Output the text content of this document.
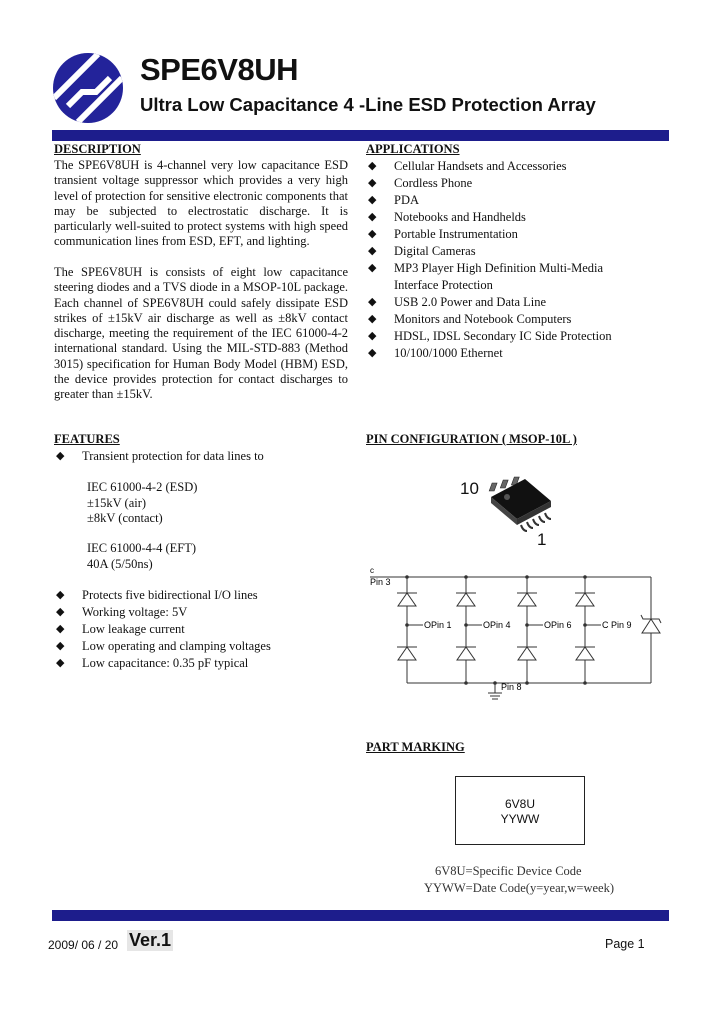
SPE6V8UH
Ultra Low Capacitance 4 -Line ESD Protection Array
DESCRIPTION
The SPE6V8UH is 4-channel very low capacitance ESD transient voltage suppressor which provides a very high level of protection for sensitive electronic components that may be subjected to electrostatic discharge. It is particularly well-suited to protect systems with high speed communication lines from ESD, EFT, and lighting.
The SPE6V8UH is consists of eight low capacitance steering diodes and a TVS diode in a MSOP-10L package. Each channel of SPE6V8UH could safely dissipate ESD strikes of ±15kV air discharge as well as ±8kV contact discharge, meeting the requirement of the IEC 61000-4-2 international standard. Using the MIL-STD-883 (Method 3015) specification for Human Body Model (HBM) ESD, the device provides protection for contact discharges to greater than ±15kV.
APPLICATIONS
◆ Cellular Handsets and Accessories
◆ Cordless Phone
◆ PDA
◆ Notebooks and Handhelds
◆ Portable Instrumentation
◆ Digital Cameras
◆ MP3 Player High Definition Multi-Media Interface Protection
◆ USB 2.0 Power and Data Line
◆ Monitors and Notebook Computers
◆ HDSL, IDSL Secondary IC Side Protection
◆ 10/100/1000 Ethernet
FEATURES
◆ Transient protection for data lines to
IEC 61000-4-2 (ESD)
±15kV (air)
±8kV (contact)
IEC 61000-4-4 (EFT)
40A (5/50ns)
◆ Protects five bidirectional I/O lines
◆ Working voltage: 5V
◆ Low leakage current
◆ Low operating and clamping voltages
◆ Low capacitance: 0.35 pF typical
PIN CONFIGURATION ( MSOP-10L )
10
1
c
Pin 3
O Pin 1	O Pin 4	O Pin 6	C Pin 9
Pin 8
PART MARKING
6V8U
YYWW
6V8U=Specific Device Code
YYWW=Date Code(y=year,w=week)
2009/ 06 / 20 Ver.1	Page 1
